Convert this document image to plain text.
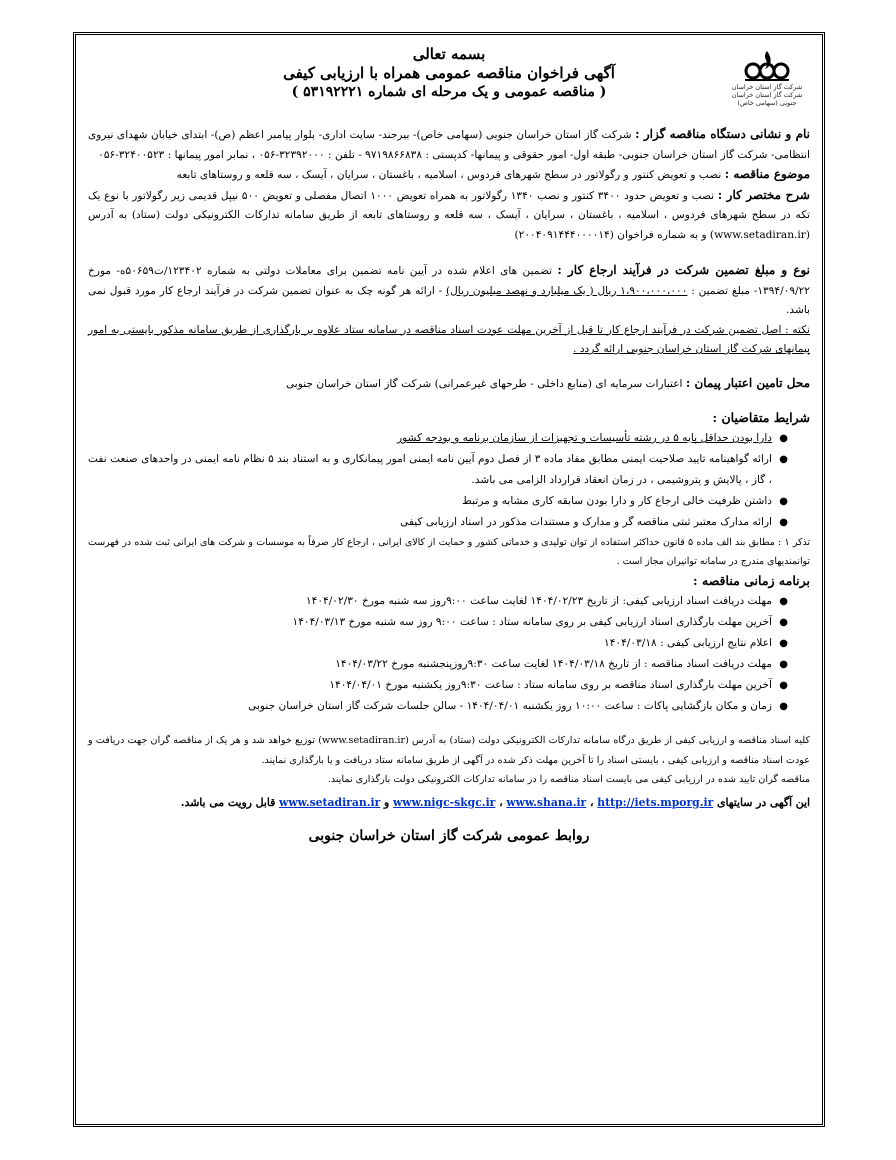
شرکت گاز استان خراسان
شرکت گاز استان خراسان جنوبی (سهامی خاص)
بسمه تعالی
آگهی فراخوان مناقصه عمومی همراه با ارزیابی کیفی
( مناقصه عمومی و یک مرحله ای شماره ۵۳۱۹۲۲۲۱ )

نام و نشانی دستگاه مناقصه گزار : شرکت گاز استان خراسان جنوبی (سهامی خاص)- بیرجند- سایت اداری- بلوار پیامبر اعظم (ص)- ابتدای خیابان شهدای نیروی انتظامی- شرکت گاز استان خراسان جنوبی- طبقه اول- امور حقوقی و پیمانها- کدپستی : ۹۷۱۹۸۶۶۸۳۸ - تلفن : ۳۲۳۹۲۰۰۰-۰۵۶ ، نمابر امور پیمانها : ۳۲۴۰۰۵۲۳-۰۵۶

موضوع مناقصه : نصب و تعویض کنتور و رگولاتور در سطح شهرهای فردوس ، اسلامیه ، باغستان ، سرایان ، آیسک ، سه قلعه و روستاهای تابعه

شرح مختصر کار : نصب و تعویض حدود ۳۴۰۰ کنتور و نصب ۱۳۴۰ رگولاتور به همراه تعویض ۱۰۰۰ اتصال مفصلی و تعویض ۵۰۰ نیپل قدیمی زیر رگولاتور با نوع یک تکه در سطح شهرهای فردوس ، اسلامیه ، باغستان ، سرایان ، آیسک ، سه قلعه و روستاهای تابعه از طریق سامانه تدارکات الکترونیکی دولت (ستاد) به آدرس (www.setadiran.ir) و به شماره فراخوان (۲۰۰۴۰۹۱۴۴۴۰۰۰۰۱۴)

نوع و مبلغ تضمین شرکت در فرآیند ارجاع کار : تضمین های اعلام شده در آیین نامه تضمین برای معاملات دولتی به شماره ۱۲۳۴۰۲/ت۵۰۶۵۹ه- مورخ ۱۳۹۴/۰۹/۲۲- مبلغ تضمین : ۱،۹۰۰،۰۰۰،۰۰۰ ریال ( یک میلیارد و نهصد میلیون ریال) - ارائه هر گونه چک به عنوان تضمین شرکت در فرآیند ارجاع کار مورد قبول نمی باشد.

نکته : اصل تضمین شرکت در فرآیند ارجاع کار تا قبل از آخرین مهلت عودت اسناد مناقصه در سامانه ستاد علاوه بر بارگذاری از طریق سامانه مذکور بایستی به امور پیمانهای شرکت گاز استان خراسان جنوبی ارائه گردد .

محل تامین اعتبار پیمان : اعتبارات سرمایه ای (منابع داخلی - طرحهای غیرعمرانی) شرکت گاز استان خراسان جنوبی

شرایط متقاضیان :

●
دارا بودن حداقل پایه ۵ در رشته تأسیسات و تجهیزات از سازمان برنامه و بودجه کشور
●
ارائه گواهینامه تایید صلاحیت ایمنی مطابق مفاد ماده ۳ از فصل دوم آیین نامه ایمنی امور پیمانکاری و به استناد بند ۵ نظام نامه ایمنی در واحدهای صنعت نفت ، گاز ، پالایش و پتروشیمی ، در زمان انعقاد قرارداد الزامی می باشد.
●
داشتن ظرفیت خالی ارجاع کار و دارا بودن سابقه کاری مشابه و مرتبط
●
ارائه مدارک معتبر ثبتی مناقصه گر و مدارک و مستندات مذکور در اسناد ارزیابی کیفی

تذکر ۱ : مطابق بند الف ماده ۵ قانون حداکثر استفاده از توان تولیدی و خدماتی کشور و حمایت از کالای ایرانی ، ارجاع کار صرفاً به موسسات و شرکت های ایرانی ثبت شده در فهرست توانمندیهای مندرج در سامانه توانیران مجاز است .

برنامه زمانی مناقصه :

●
مهلت دریافت اسناد ارزیابی کیفی: از تاریخ ۱۴۰۴/۰۲/۲۳ لغایت ساعت ۹:۰۰روز سه شنبه مورخ ۱۴۰۴/۰۲/۳۰
●
آخرین مهلت بارگذاری اسناد ارزیابی کیفی بر روی سامانه ستاد : ساعت ۹:۰۰ روز سه شنبه مورخ ۱۴۰۴/۰۳/۱۳
●
اعلام نتایج ارزیابی کیفی : ۱۴۰۴/۰۳/۱۸
●
مهلت دریافت اسناد مناقصه : از تاریخ ۱۴۰۴/۰۳/۱۸ لغایت ساعت ۹:۳۰روزپنجشنبه مورخ ۱۴۰۴/۰۳/۲۲
●
آخرین مهلت بارگذاری اسناد مناقصه بر روی سامانه ستاد : ساعت ۹:۳۰روز یکشنبه مورخ ۱۴۰۴/۰۴/۰۱
●
زمان و مکان بازگشایی پاکات : ساعت ۱۰:۰۰ روز یکشنبه ۱۴۰۴/۰۴/۰۱ - سالن جلسات شرکت گاز استان خراسان جنوبی

کلیه اسناد مناقصه و ارزیابی کیفی از طریق درگاه سامانه تدارکات الکترونیکی دولت (ستاد) به آدرس (www.setadiran.ir) توزیع خواهد شد و هر یک از مناقصه گران جهت دریافت و عودت اسناد مناقصه و ارزیابی کیفی ، بایستی اسناد را تا آخرین مهلت ذکر شده در آگهی از طریق سامانه ستاد دریافت و یا بارگذاری نمایند.

مناقصه گران تایید شده در ارزیابی کیفی می بایست اسناد مناقصه را در سامانه تدارکات الکترونیکی دولت بارگذاری نمایند.

این آگهی در سایتهای www.nigc-skgc.ir ، www.shana.ir ، http://iets.mporg.ir و www.setadiran.ir قابل رویت می باشد.

روابط عمومی شرکت گاز استان خراسان جنوبی
